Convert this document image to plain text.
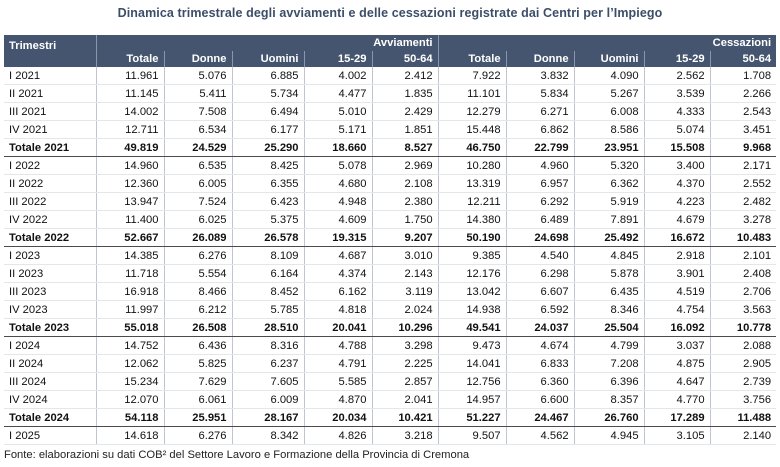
Dinamica trimestrale degli avviamenti e delle cessazioni registrate dai Centri per l’Impiego
Trimestri	Avviamenti					Cessazioni				
	Totale	Donne	Uomini	15-29	50-64	Totale	Donne	Uomini	15-29	50-64
I 2021	11.961	5.076	6.885	4.002	2.412	7.922	3.832	4.090	2.562	1.708
II 2021	11.145	5.411	5.734	4.477	1.835	11.101	5.834	5.267	3.539	2.266
III 2021	14.002	7.508	6.494	5.010	2.429	12.279	6.271	6.008	4.333	2.543
IV 2021	12.711	6.534	6.177	5.171	1.851	15.448	6.862	8.586	5.074	3.451
Totale 2021	49.819	24.529	25.290	18.660	8.527	46.750	22.799	23.951	15.508	9.968
I 2022	14.960	6.535	8.425	5.078	2.969	10.280	4.960	5.320	3.400	2.171
II 2022	12.360	6.005	6.355	4.680	2.108	13.319	6.957	6.362	4.370	2.552
III 2022	13.947	7.524	6.423	4.948	2.380	12.211	6.292	5.919	4.223	2.482
IV 2022	11.400	6.025	5.375	4.609	1.750	14.380	6.489	7.891	4.679	3.278
Totale 2022	52.667	26.089	26.578	19.315	9.207	50.190	24.698	25.492	16.672	10.483
I 2023	14.385	6.276	8.109	4.687	3.010	9.385	4.540	4.845	2.918	2.101
II 2023	11.718	5.554	6.164	4.374	2.143	12.176	6.298	5.878	3.901	2.408
III 2023	16.918	8.466	8.452	6.162	3.119	13.042	6.607	6.435	4.519	2.706
IV 2023	11.997	6.212	5.785	4.818	2.024	14.938	6.592	8.346	4.754	3.563
Totale 2023	55.018	26.508	28.510	20.041	10.296	49.541	24.037	25.504	16.092	10.778
I 2024	14.752	6.436	8.316	4.788	3.298	9.473	4.674	4.799	3.037	2.088
II 2024	12.062	5.825	6.237	4.791	2.225	14.041	6.833	7.208	4.875	2.905
III 2024	15.234	7.629	7.605	5.585	2.857	12.756	6.360	6.396	4.647	2.739
IV 2024	12.070	6.061	6.009	4.870	2.041	14.957	6.600	8.357	4.770	3.756
Totale 2024	54.118	25.951	28.167	20.034	10.421	51.227	24.467	26.760	17.289	11.488
I 2025	14.618	6.276	8.342	4.826	3.218	9.507	4.562	4.945	3.105	2.140
Fonte: elaborazioni su dati COB² del Settore Lavoro e Formazione della Provincia di Cremona
